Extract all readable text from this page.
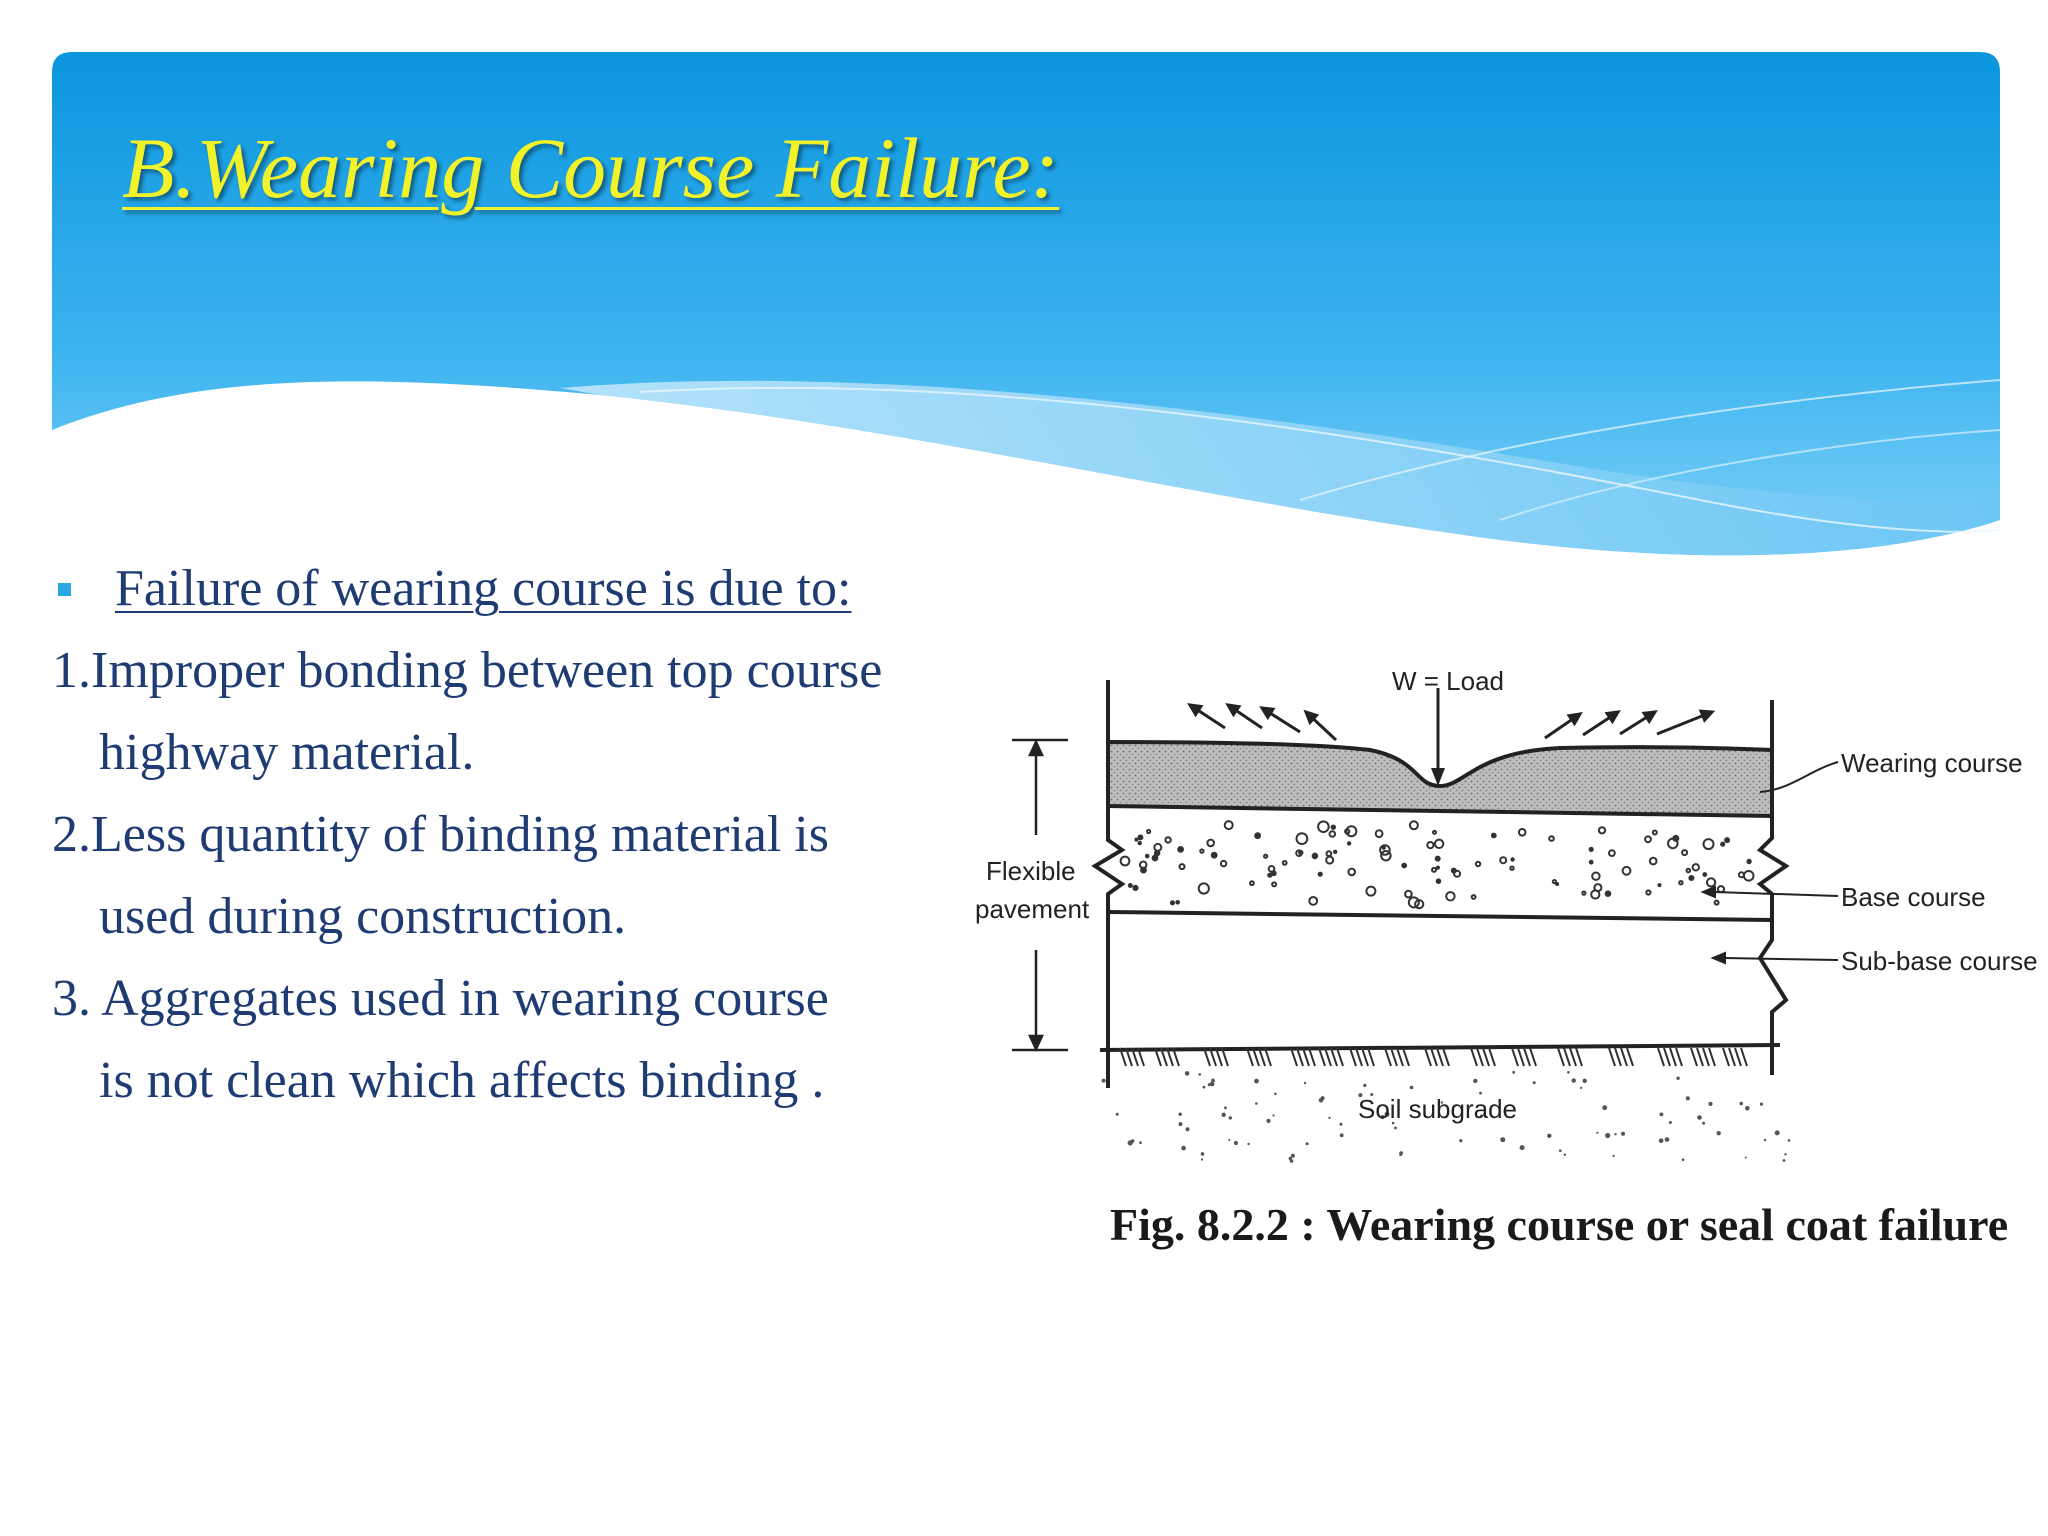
B.Wearing Course Failure:
Failure of wearing course is due to:
1.Improper bonding between top course
highway material.
2.Less quantity of binding material is
used during construction.
3. Aggregates used in wearing course
is not clean which affects binding .
W = Load
Flexible
pavement
Wearing course
Base course
Sub-base course
Soil subgrade
Fig. 8.2.2 : Wearing course or seal coat failure
